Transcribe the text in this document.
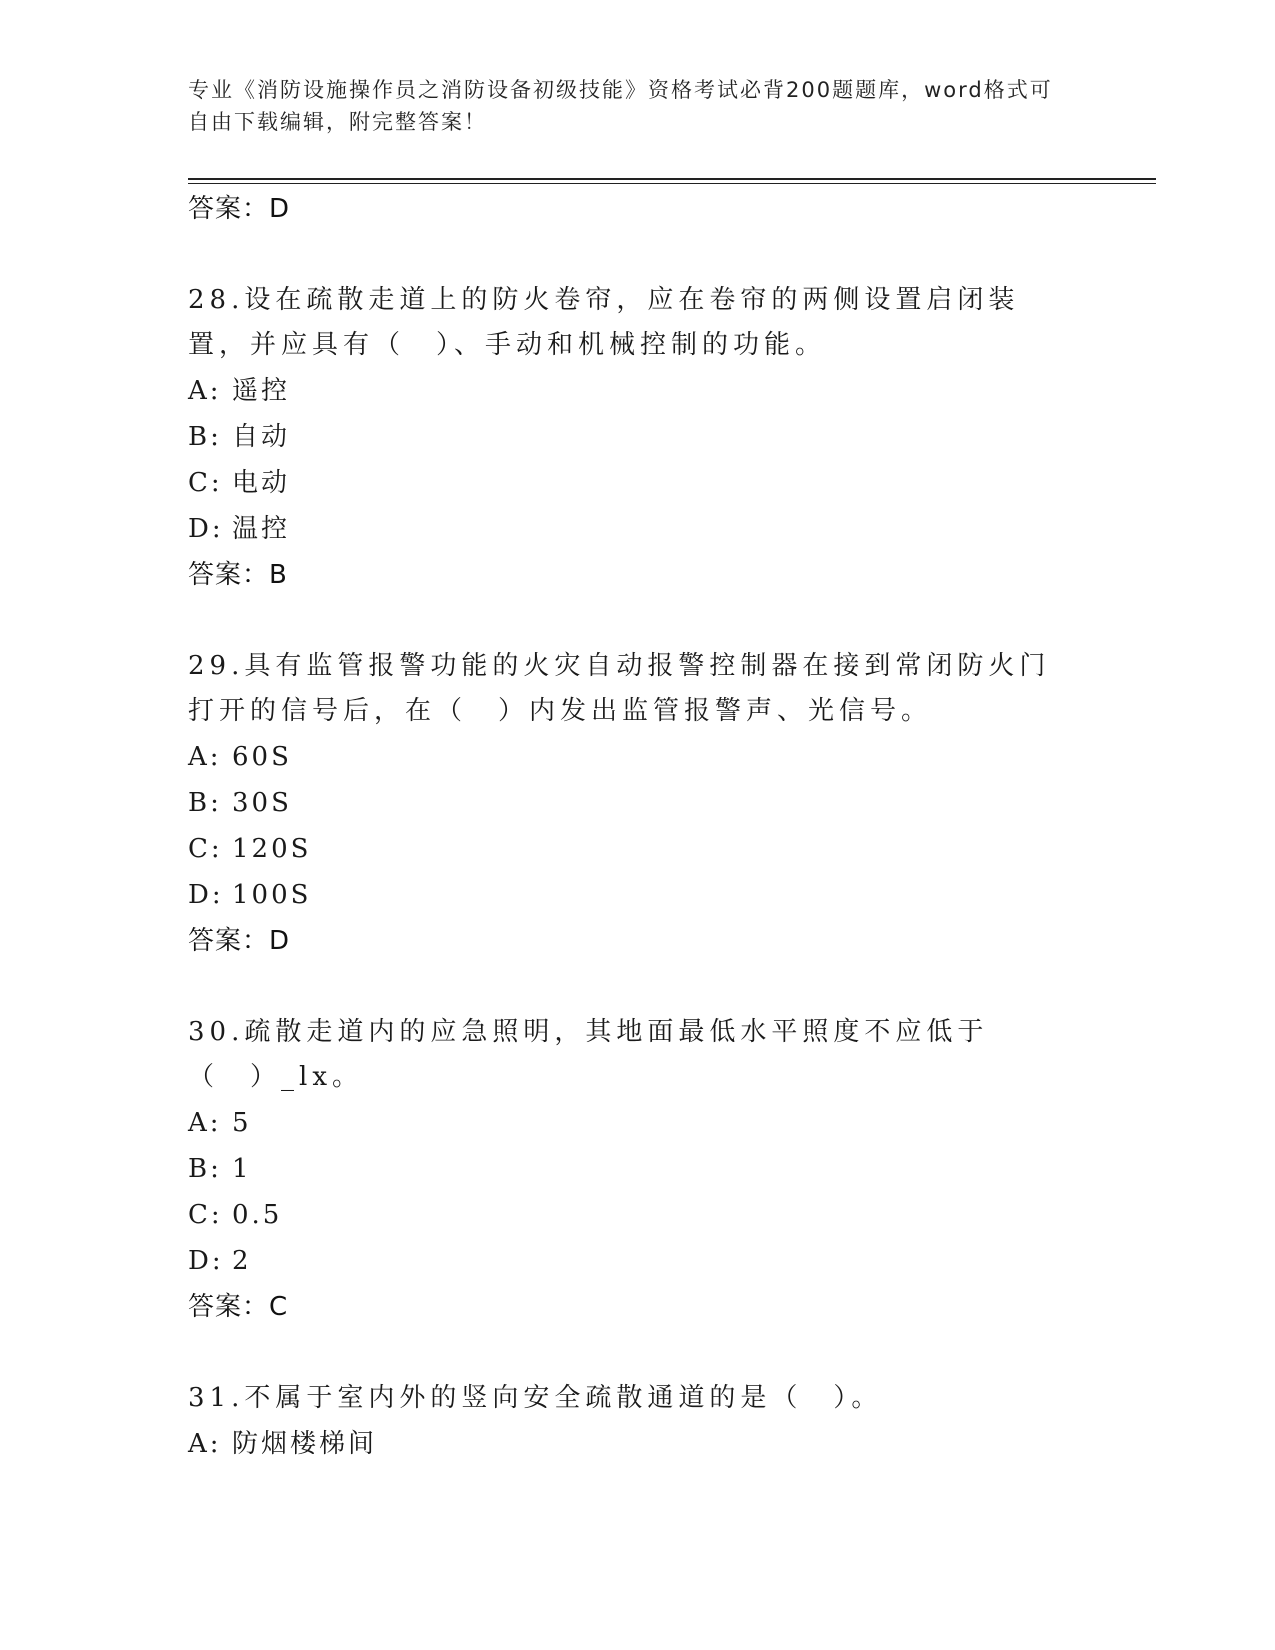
专业《消防设施操作员之消防设备初级技能》资格考试必背200题题库，word格式可自由下载编辑，附完整答案！
答案：D
28.设在疏散走道上的防火卷帘，应在卷帘的两侧设置启闭装置，并应具有（　）、手动和机械控制的功能。
A: 遥控
B: 自动
C: 电动
D: 温控
答案：B
29.具有监管报警功能的火灾自动报警控制器在接到常闭防火门打开的信号后，在（　）内发出监管报警声、光信号。
A: 60S
B: 30S
C: 120S
D: 100S
答案：D
30.疏散走道内的应急照明，其地面最低水平照度不应低于（　）_lx。
A: 5
B: 1
C: 0.5
D: 2
答案：C
31.不属于室内外的竖向安全疏散通道的是（　）。
A: 防烟楼梯间
